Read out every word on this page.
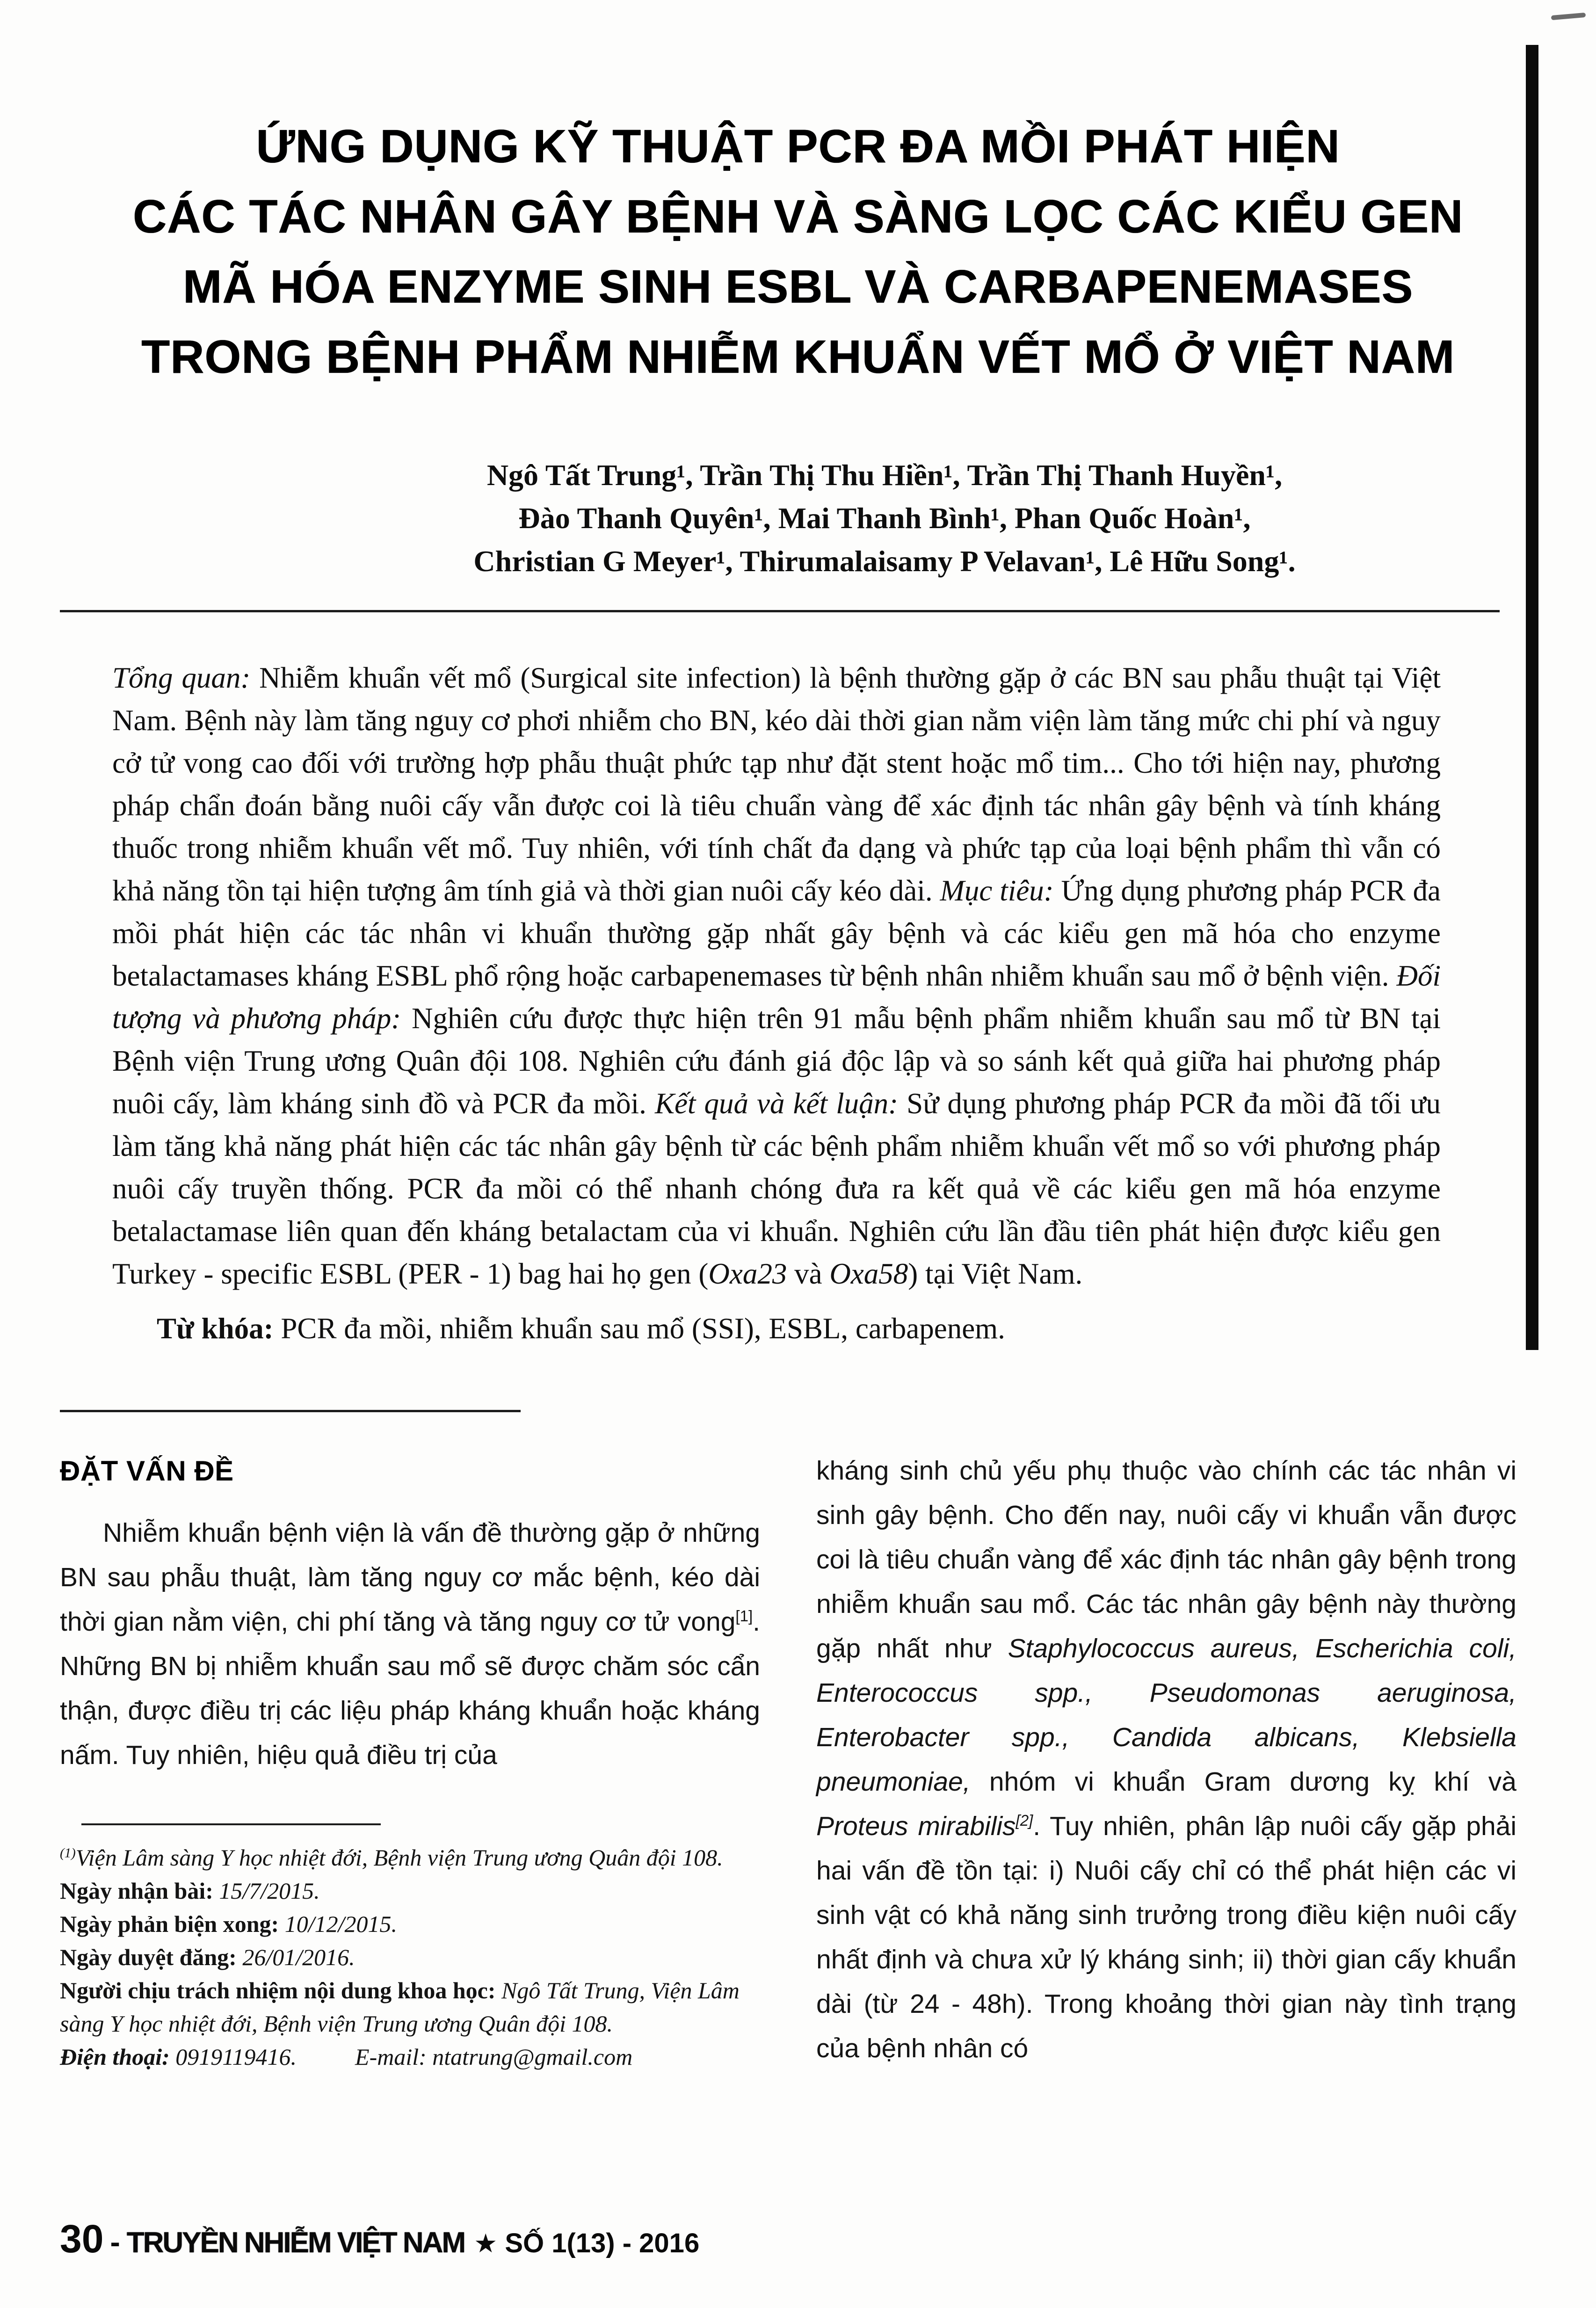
ỨNG DỤNG KỸ THUẬT PCR ĐA MỒI PHÁT HIỆN
CÁC TÁC NHÂN GÂY BỆNH VÀ SÀNG LỌC CÁC KIỂU GEN
MÃ HÓA ENZYME SINH ESBL VÀ CARBAPENEMASES
TRONG BỆNH PHẨM NHIỄM KHUẨN VẾT MỔ Ở VIỆT NAM
Ngô Tất Trung¹, Trần Thị Thu Hiền¹, Trần Thị Thanh Huyền¹,
Đào Thanh Quyên¹, Mai Thanh Bình¹, Phan Quốc Hoàn¹,
Christian G Meyer¹, Thirumalaisamy P Velavan¹, Lê Hữu Song¹.

Tổng quan: Nhiễm khuẩn vết mổ (Surgical site infection) là bệnh thường gặp ở các BN sau phẫu thuật tại Việt Nam. Bệnh này làm tăng nguy cơ phơi nhiễm cho BN, kéo dài thời gian nằm viện làm tăng mức chi phí và nguy cở tử vong cao đối với trường hợp phẫu thuật phức tạp như đặt stent hoặc mổ tim... Cho tới hiện nay, phương pháp chẩn đoán bằng nuôi cấy vẫn được coi là tiêu chuẩn vàng để xác định tác nhân gây bệnh và tính kháng thuốc trong nhiễm khuẩn vết mổ. Tuy nhiên, với tính chất đa dạng và phức tạp của loại bệnh phẩm thì vẫn có khả năng tồn tại hiện tượng âm tính giả và thời gian nuôi cấy kéo dài. Mục tiêu: Ứng dụng phương pháp PCR đa mồi phát hiện các tác nhân vi khuẩn thường gặp nhất gây bệnh và các kiểu gen mã hóa cho enzyme betalactamases kháng ESBL phổ rộng hoặc carbapenemases từ bệnh nhân nhiễm khuẩn sau mổ ở bệnh viện. Đối tượng và phương pháp: Nghiên cứu được thực hiện trên 91 mẫu bệnh phẩm nhiễm khuẩn sau mổ từ BN tại Bệnh viện Trung ương Quân đội 108. Nghiên cứu đánh giá độc lập và so sánh kết quả giữa hai phương pháp nuôi cấy, làm kháng sinh đồ và PCR đa mồi. Kết quả và kết luận: Sử dụng phương pháp PCR đa mồi đã tối ưu làm tăng khả năng phát hiện các tác nhân gây bệnh từ các bệnh phẩm nhiễm khuẩn vết mổ so với phương pháp nuôi cấy truyền thống. PCR đa mồi có thể nhanh chóng đưa ra kết quả về các kiểu gen mã hóa enzyme betalactamase liên quan đến kháng betalactam của vi khuẩn. Nghiên cứu lần đầu tiên phát hiện được kiểu gen Turkey - specific ESBL (PER - 1) bag hai họ gen (Oxa23 và Oxa58) tại Việt Nam.

Từ khóa: PCR đa mồi, nhiễm khuẩn sau mổ (SSI), ESBL, carbapenem.

ĐẶT VẤN ĐỀ

Nhiễm khuẩn bệnh viện là vấn đề thường gặp ở những BN sau phẫu thuật, làm tăng nguy cơ mắc bệnh, kéo dài thời gian nằm viện, chi phí tăng và tăng nguy cơ tử vong[1]. Những BN bị nhiễm khuẩn sau mổ sẽ được chăm sóc cẩn thận, được điều trị các liệu pháp kháng khuẩn hoặc kháng nấm. Tuy nhiên, hiệu quả điều trị của

$^{(1)}$Viện Lâm sàng Y học nhiệt đới, Bệnh viện Trung ương Quân đội 108.

Ngày nhận bài: 15/7/2015.

Ngày phản biện xong: 10/12/2015.

Ngày duyệt đăng: 26/01/2016.

Người chịu trách nhiệm nội dung khoa học: Ngô Tất Trung, Viện Lâm sàng Y học nhiệt đới, Bệnh viện Trung ương Quân đội 108.

Điện thoại: 0919119416.	E-mail: ntatrung@gmail.com

kháng sinh chủ yếu phụ thuộc vào chính các tác nhân vi sinh gây bệnh. Cho đến nay, nuôi cấy vi khuẩn vẫn được coi là tiêu chuẩn vàng để xác định tác nhân gây bệnh trong nhiễm khuẩn sau mổ. Các tác nhân gây bệnh này thường gặp nhất như Staphylococcus aureus, Escherichia coli, Enterococcus spp., Pseudomonas aeruginosa, Enterobacter spp., Candida albicans, Klebsiella pneumoniae, nhóm vi khuẩn Gram dương kỵ khí và Proteus mirabilis[2]. Tuy nhiên, phân lập nuôi cấy gặp phải hai vấn đề tồn tại: i) Nuôi cấy chỉ có thể phát hiện các vi sinh vật có khả năng sinh trưởng trong điều kiện nuôi cấy nhất định và chưa xử lý kháng sinh; ii) thời gian cấy khuẩn dài (từ 24 - 48h). Trong khoảng thời gian này tình trạng của bệnh nhân có

30 - TRUYỀN NHIỄM VIỆT NAM ★ SỐ 1(13) - 2016
